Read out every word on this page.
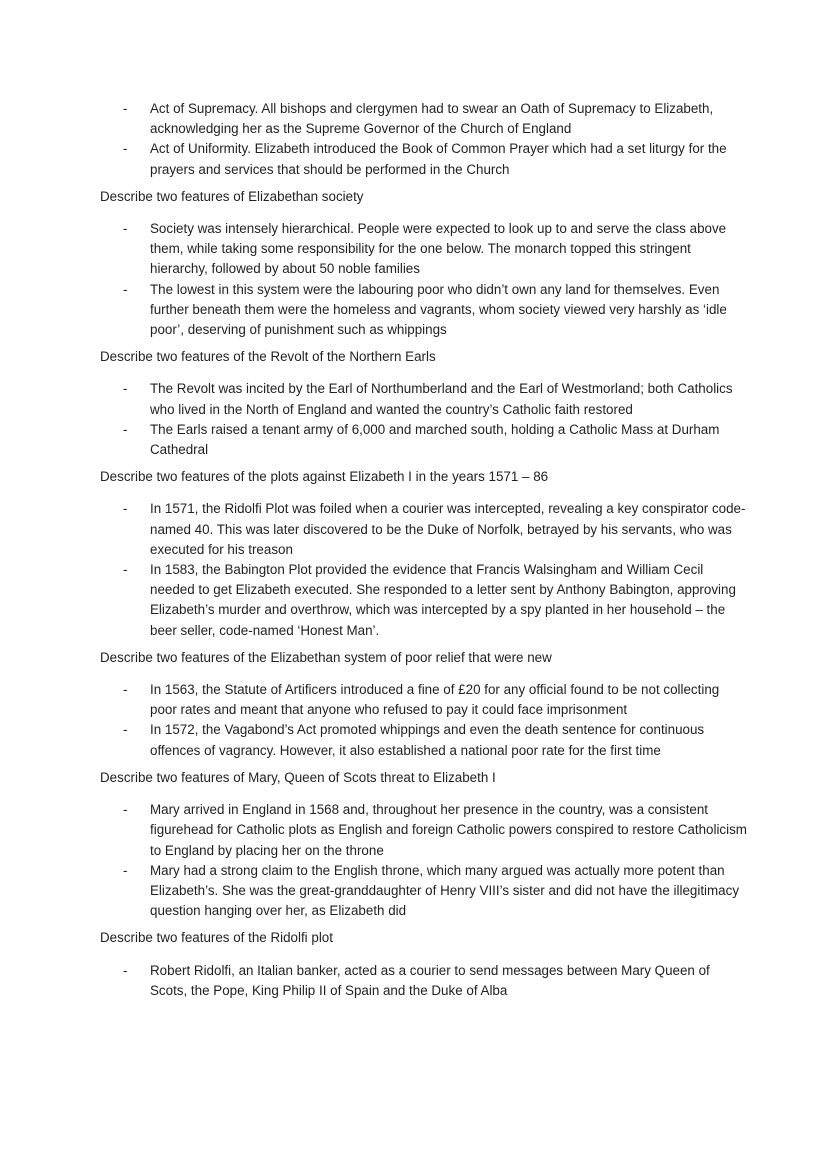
- Act of Supremacy. All bishops and clergymen had to swear an Oath of Supremacy to Elizabeth, acknowledging her as the Supreme Governor of the Church of England
- Act of Uniformity. Elizabeth introduced the Book of Common Prayer which had a set liturgy for the prayers and services that should be performed in the Church

Describe two features of Elizabethan society

- Society was intensely hierarchical. People were expected to look up to and serve the class above them, while taking some responsibility for the one below. The monarch topped this stringent hierarchy, followed by about 50 noble families
- The lowest in this system were the labouring poor who didn’t own any land for themselves. Even further beneath them were the homeless and vagrants, whom society viewed very harshly as ‘idle poor’, deserving of punishment such as whippings

Describe two features of the Revolt of the Northern Earls

- The Revolt was incited by the Earl of Northumberland and the Earl of Westmorland; both Catholics who lived in the North of England and wanted the country’s Catholic faith restored
- The Earls raised a tenant army of 6,000 and marched south, holding a Catholic Mass at Durham Cathedral

Describe two features of the plots against Elizabeth I in the years 1571 – 86

- In 1571, the Ridolfi Plot was foiled when a courier was intercepted, revealing a key conspirator code-named 40. This was later discovered to be the Duke of Norfolk, betrayed by his servants, who was executed for his treason
- In 1583, the Babington Plot provided the evidence that Francis Walsingham and William Cecil needed to get Elizabeth executed. She responded to a letter sent by Anthony Babington, approving Elizabeth’s murder and overthrow, which was intercepted by a spy planted in her household – the beer seller, code-named ‘Honest Man’.

Describe two features of the Elizabethan system of poor relief that were new

- In 1563, the Statute of Artificers introduced a fine of £20 for any official found to be not collecting poor rates and meant that anyone who refused to pay it could face imprisonment
- In 1572, the Vagabond’s Act promoted whippings and even the death sentence for continuous offences of vagrancy. However, it also established a national poor rate for the first time

Describe two features of Mary, Queen of Scots threat to Elizabeth I

- Mary arrived in England in 1568 and, throughout her presence in the country, was a consistent figurehead for Catholic plots as English and foreign Catholic powers conspired to restore Catholicism to England by placing her on the throne
- Mary had a strong claim to the English throne, which many argued was actually more potent than Elizabeth’s. She was the great-granddaughter of Henry VIII’s sister and did not have the illegitimacy question hanging over her, as Elizabeth did

Describe two features of the Ridolfi plot

- Robert Ridolfi, an Italian banker, acted as a courier to send messages between Mary Queen of Scots, the Pope, King Philip II of Spain and the Duke of Alba
